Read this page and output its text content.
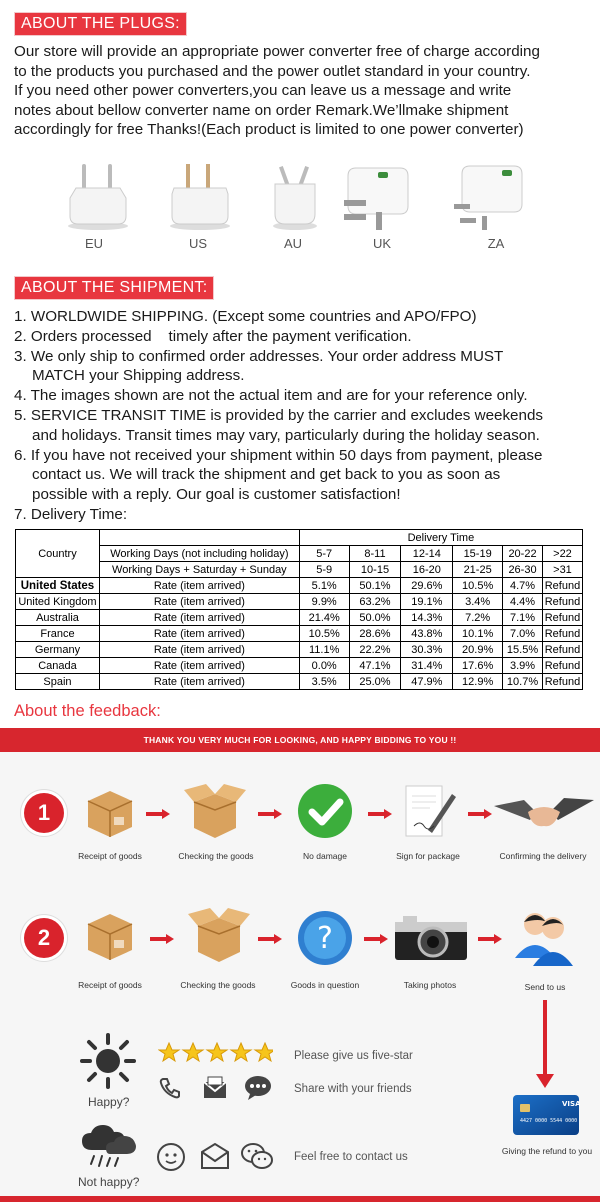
ABOUT THE PLUGS:
Our store will provide an appropriate power converter free of charge according
to the products you purchased and the power outlet standard in your country.
If you need other power converters,you can leave us a message and write
notes about bellow converter name on order Remark.We’llmake shipment
accordingly for free Thanks!(Each product is limited to one power converter)
EU	US	AU	UK	ZA
ABOUT THE SHIPMENT:
1. WORLDWIDE SHIPPING. (Except some countries and APO/FPO)
2. Orders processed    timely after the payment verification.
3. We only ship to confirmed order addresses. Your order address MUST
MATCH your Shipping address.
4. The images shown are not the actual item and are for your reference only.
5. SERVICE TRANSIT TIME is provided by the carrier and excludes weekends
and holidays. Transit times may vary, particularly during the holiday season.
6. If you have not received your shipment within 50 days from payment, please
contact us. We will track the shipment and get back to you as soon as
possible with a reply. Our goal is customer satisfaction!
7. Delivery Time:
Country		Delivery Time					
	Working Days (not including holiday)	5-7	8-11	12-14	15-19	20-22	>22
	Working Days + Saturday + Sunday	5-9	10-15	16-20	21-25	26-30	>31
United States	Rate (item arrived)	5.1%	50.1%	29.6%	10.5%	4.7%	Refund
United Kingdom	Rate (item arrived)	9.9%	63.2%	19.1%	3.4%	4.4%	Refund
Australia	Rate (item arrived)	21.4%	50.0%	14.3%	7.2%	7.1%	Refund
France	Rate (item arrived)	10.5%	28.6%	43.8%	10.1%	7.0%	Refund
Germany	Rate (item arrived)	11.1%	22.2%	30.3%	20.9%	15.5%	Refund
Canada	Rate (item arrived)	0.0%	47.1%	31.4%	17.6%	3.9%	Refund
Spain	Rate (item arrived)	3.5%	25.0%	47.9%	12.9%	10.7%	Refund
About the feedback:
THANK YOU VERY MUCH FOR LOOKING, AND HAPPY BIDDING TO YOU !!
1
Receipt of goods	Checking the goods	No damage	Sign for package	Confirming the delivery
2	?
Receipt of goods	Checking the goods	Goods in question	Taking photos	Send to us
Happy?
Please give us five-star
Share with your friends
VISA
4427 0000 5544 0000
Giving the refund to you
Not happy?
Feel free to contact us
